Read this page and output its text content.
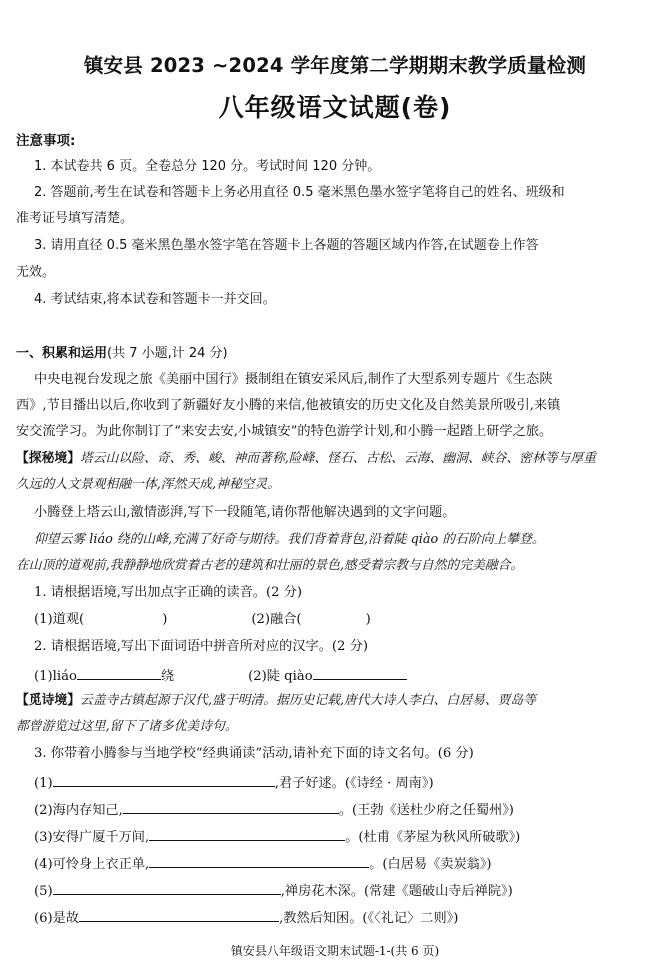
镇安县 2023 ~2024 学年度第二学期期末教学质量检测
八年级语文试题(卷)
注意事项:
1. 本试卷共 6 页。全卷总分 120 分。考试时间 120 分钟。
2. 答题前,考生在试卷和答题卡上务必用直径 0.5 毫米黑色墨水签字笔将自己的姓名、班级和
准考证号填写清楚。
3. 请用直径 0.5 毫米黑色墨水签字笔在答题卡上各题的答题区域内作答,在试题卷上作答
无效。
4. 考试结束,将本试卷和答题卡一并交回。
一、积累和运用(共 7 小题,计 24 分)
中央电视台发现之旅《美丽中国行》摄制组在镇安采风后,制作了大型系列专题片《生态陕
西》,节目播出以后,你收到了新疆好友小腾的来信,他被镇安的历史文化及自然美景所吸引,来镇
安交流学习。为此你制订了“来安去安,小城镇安”的特色游学计划,和小腾一起踏上研学之旅。
【探秘境】塔云山以险、奇、秀、峻、神而著称,险峰、怪石、古松、云海、幽洞、峡谷、密林等与厚重
久远的人文景观相融一体,浑然天成,神秘空灵。
小腾登上塔云山,激情澎湃,写下一段随笔,请你帮他解决遇到的文字问题。
仰望云雾 liáo 绕的山峰,充满了好奇与期待。我们背着背包,沿着陡 qiào 的石阶向上攀登。
在山顶的道观前,我静静地欣赏着古老的建筑和壮丽的景色,感受着宗教与自然的完美融合。
1. 请根据语境,写出加点字正确的读音。(2 分)
(1)道观(	)	(2)融合(	)
2. 请根据语境,写出下面词语中拼音所对应的汉字。(2 分)
(1)liáo	绕	(2)陡 qiào
【觅诗境】云盖寺古镇起源于汉代,盛于明清。据历史记载,唐代大诗人李白、白居易、贾岛等
都曾游览过这里,留下了诸多优美诗句。
3. 你带着小腾参与当地学校“经典诵读”活动,请补充下面的诗文名句。(6 分)
(1)	,君子好逑。(《诗经 · 周南》)
(2)海内存知己,	。(王勃《送杜少府之任蜀州》)
(3)安得广厦千万间,	。(杜甫《茅屋为秋风所破歌》)
(4)可怜身上衣正单,	。(白居易《卖炭翁》)
(5)	,禅房花木深。(常建《题破山寺后禅院》)
(6)是故	,教然后知困。(《〈礼记〉二则》)
镇安县八年级语文期末试题-1-(共 6 页)
